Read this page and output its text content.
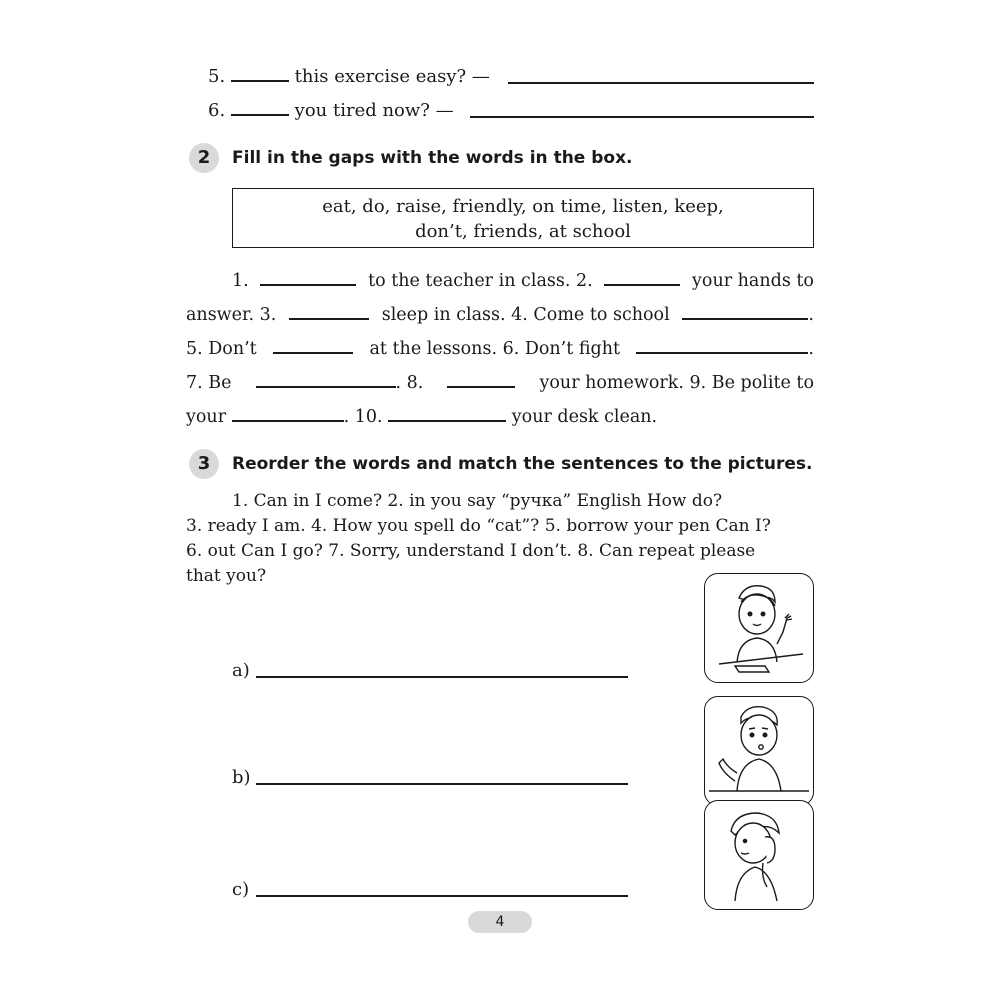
5.	this exercise easy? —
6.	you tired now? —
2	Fill in the gaps with the words in the box.
eat, do, raise, friendly, on time, listen, keep,
don’t, friends, at school
1.	to the teacher in class. 2.	your hands to
answer. 3.	sleep in class. 4. Come to school	.
5. Don’t	at the lessons. 6. Don’t fight	.
7. Be	. 8.	your homework. 9. Be polite to
your	. 10.	your desk clean.
3	Reorder the words and match the sentences to the pictures.
1. Can in I come? 2. in you say “ручка” English How do?
3. ready I am. 4. How you spell do “cat”? 5. borrow your pen Can I?
6. out Can I go? 7. Sorry, understand I don’t. 8. Can repeat please
that you?
a)
b)
c)
4
